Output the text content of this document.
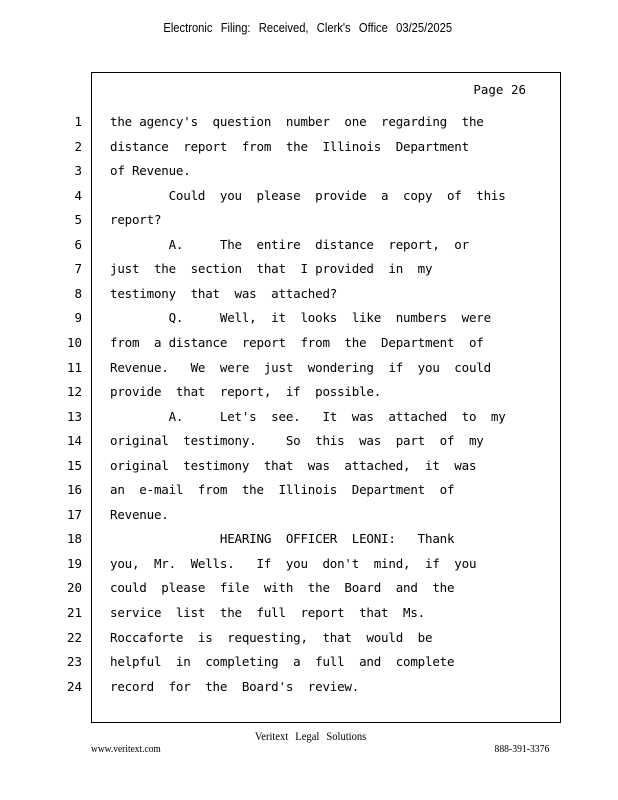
Electronic Filing: Received, Clerk's Office 03/25/2025
Page 26
1 the agency's  question  number  one  regarding  the
2 distance  report  from  the  Illinois  Department
3 of Revenue.
4 Could  you  please  provide  a  copy  of  this
5 report?
6 A.     The  entire  distance  report,  or
7 just  the  section  that  I provided  in  my
8 testimony  that  was  attached?
9 Q.     Well,  it  looks  like  numbers  were
10 from  a distance  report  from  the  Department  of
11 Revenue.   We  were  just  wondering  if  you  could
12 provide  that  report,  if  possible.
13 A.     Let's  see.   It  was  attached  to  my
14 original  testimony.    So  this  was  part  of  my
15 original  testimony  that  was  attached,  it  was
16 an  e-mail  from  the  Illinois  Department  of
17 Revenue.
18 HEARING  OFFICER  LEONI:   Thank
19 you,  Mr.  Wells.   If  you  don't  mind,  if  you
20 could  please  file  with  the  Board  and  the
21 service  list  the  full  report  that  Ms.
22 Roccaforte  is  requesting,  that  would  be
23 helpful  in  completing  a  full  and  complete
24 record  for  the  Board's  review.
Veritext Legal Solutions
www.veritext.com	888-391-3376
